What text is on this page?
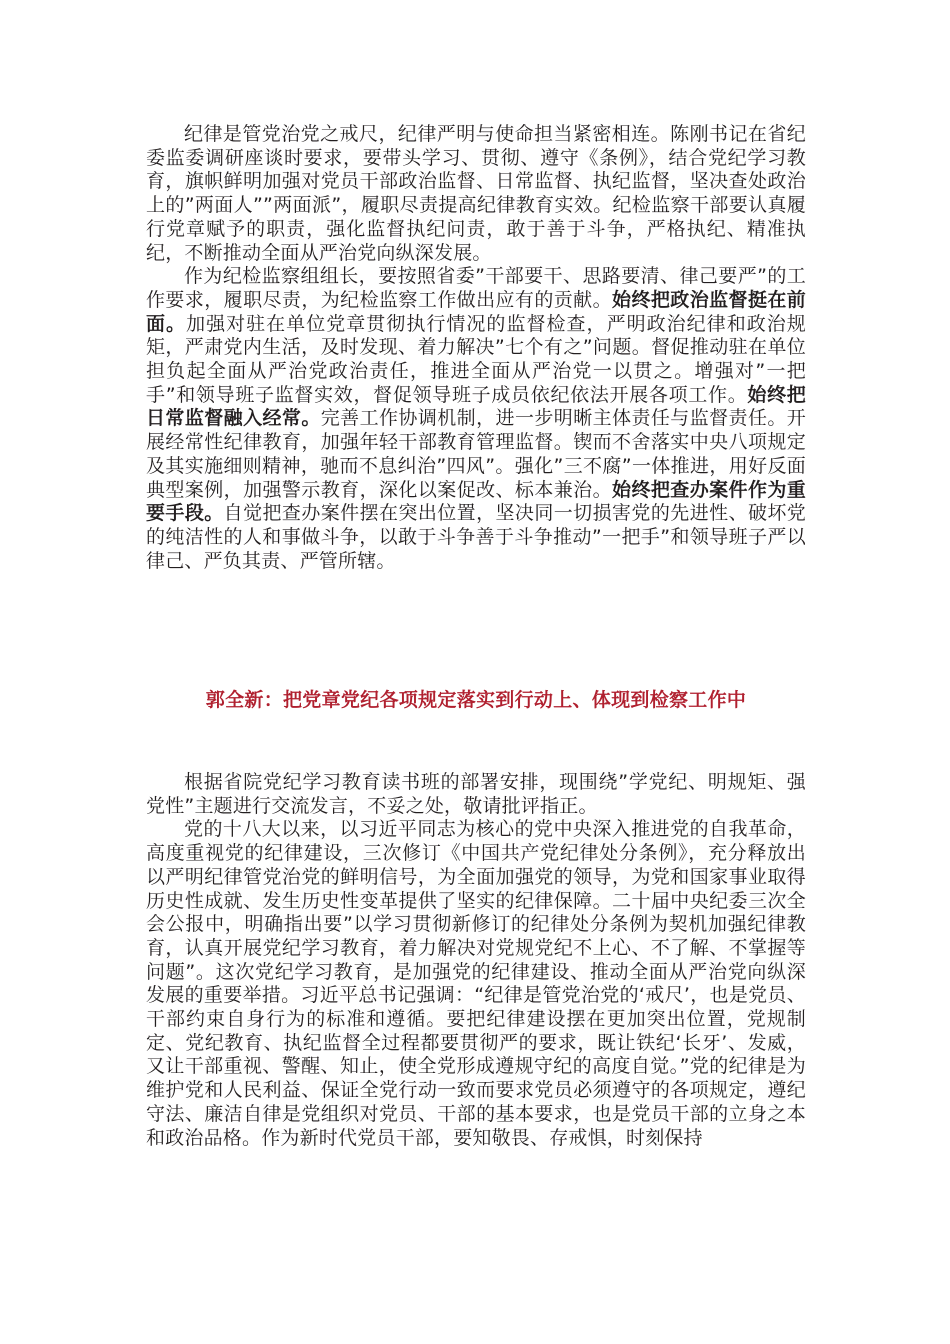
纪律是管党治党之戒尺，纪律严明与使命担当紧密相连。陈刚书记在省纪委监委调研座谈时要求，要带头学习、贯彻、遵守《条例》，结合党纪学习教育，旗帜鲜明加强对党员干部政治监督、日常监督、执纪监督，坚决查处政治上的”两面人””两面派”，履职尽责提高纪律教育实效。纪检监察干部要认真履行党章赋予的职责，强化监督执纪问责，敢于善于斗争，严格执纪、精准执纪，不断推动全面从严治党向纵深发展。

作为纪检监察组组长，要按照省委”干部要干、思路要清、律己要严”的工作要求，履职尽责，为纪检监察工作做出应有的贡献。始终把政治监督挺在前面。加强对驻在单位党章贯彻执行情况的监督检查，严明政治纪律和政治规矩，严肃党内生活，及时发现、着力解决”七个有之”问题。督促推动驻在单位担负起全面从严治党政治责任，推进全面从严治党一以贯之。增强对”一把手”和领导班子监督实效，督促领导班子成员依纪依法开展各项工作。始终把日常监督融入经常。完善工作协调机制，进一步明晰主体责任与监督责任。开展经常性纪律教育，加强年轻干部教育管理监督。锲而不舍落实中央八项规定及其实施细则精神，驰而不息纠治”四风”。强化”三不腐”一体推进，用好反面典型案例，加强警示教育，深化以案促改、标本兼治。始终把查办案件作为重要手段。自觉把查办案件摆在突出位置，坚决同一切损害党的先进性、破坏党的纯洁性的人和事做斗争，以敢于斗争善于斗争推动”一把手”和领导班子严以律己、严负其责、严管所辖。

郭全新：把党章党纪各项规定落实到行动上、体现到检察工作中

根据省院党纪学习教育读书班的部署安排，现围绕”学党纪、明规矩、强党性”主题进行交流发言，不妥之处，敬请批评指正。

党的十八大以来，以习近平同志为核心的党中央深入推进党的自我革命，高度重视党的纪律建设，三次修订《中国共产党纪律处分条例》，充分释放出以严明纪律管党治党的鲜明信号，为全面加强党的领导，为党和国家事业取得历史性成就、发生历史性变革提供了坚实的纪律保障。二十届中央纪委三次全会公报中，明确指出要”以学习贯彻新修订的纪律处分条例为契机加强纪律教育，认真开展党纪学习教育，着力解决对党规党纪不上心、不了解、不掌握等问题”。这次党纪学习教育，是加强党的纪律建设、推动全面从严治党向纵深发展的重要举措。习近平总书记强调：“纪律是管党治党的‘戒尺’，也是党员、干部约束自身行为的标准和遵循。要把纪律建设摆在更加突出位置，党规制定、党纪教育、执纪监督全过程都要贯彻严的要求，既让铁纪‘长牙’、发威，又让干部重视、警醒、知止，使全党形成遵规守纪的高度自觉。”党的纪律是为维护党和人民利益、保证全党行动一致而要求党员必须遵守的各项规定，遵纪守法、廉洁自律是党组织对党员、干部的基本要求，也是党员干部的立身之本和政治品格。作为新时代党员干部，要知敬畏、存戒惧，时刻保持
